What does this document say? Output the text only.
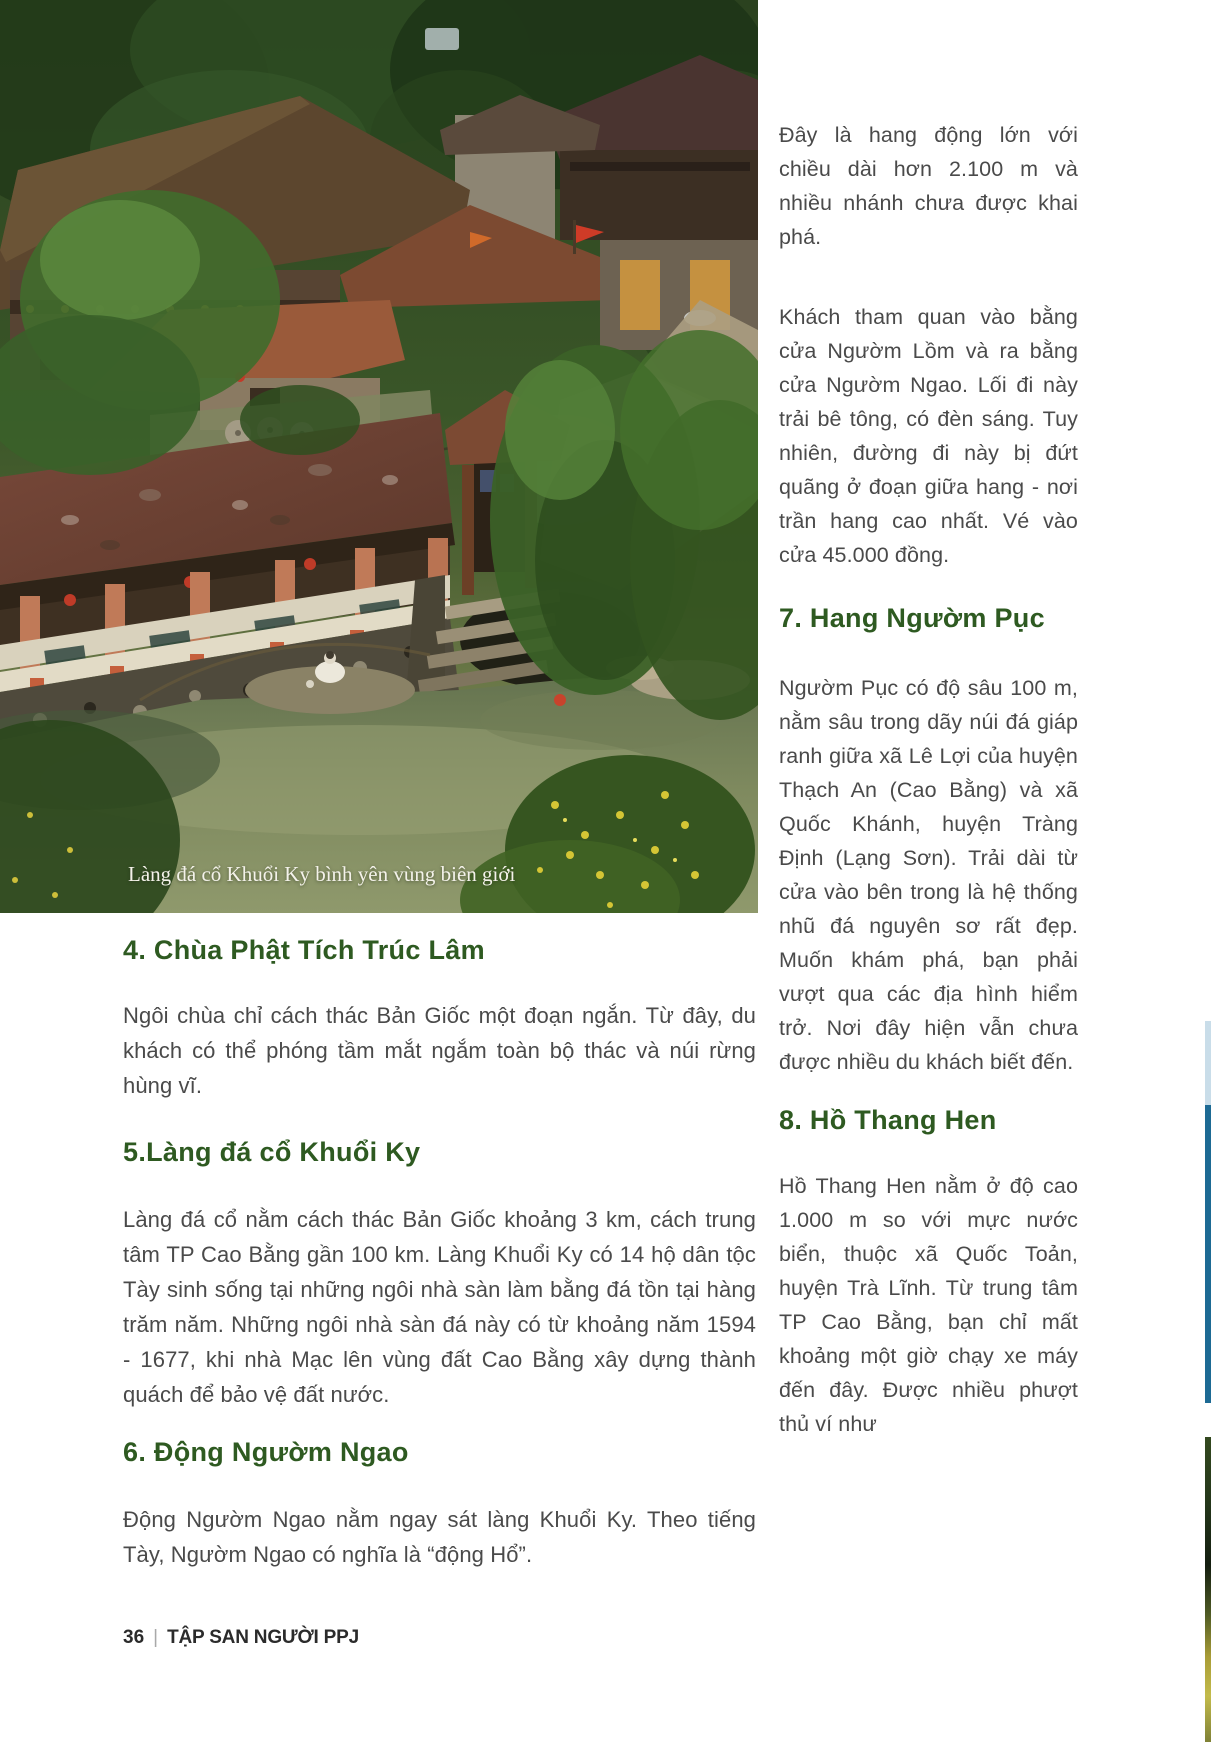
Làng đá cổ Khuổi Ky bình yên vùng biên giới
4. Chùa Phật Tích Trúc Lâm

Ngôi chùa chỉ cách thác Bản Giốc một đoạn ngắn. Từ đây, du khách có thể phóng tầm mắt ngắm toàn bộ thác và núi rừng hùng vĩ.

5.Làng đá cổ Khuổi Ky

Làng đá cổ nằm cách thác Bản Giốc khoảng 3 km, cách trung tâm TP Cao Bằng gần 100 km. Làng Khuổi Ky có 14 hộ dân tộc Tày sinh sống tại những ngôi nhà sàn làm bằng đá tồn tại hàng trăm năm. Những ngôi nhà sàn đá này có từ khoảng năm 1594 - 1677, khi nhà Mạc lên vùng đất Cao Bằng xây dựng thành quách để bảo vệ đất nước.

6. Động Ngườm Ngao

Động Ngườm Ngao nằm ngay sát làng Khuổi Ky. Theo tiếng Tày, Ngườm Ngao có nghĩa là “động Hổ”.

Đây là hang động lớn với chiều dài hơn 2.100 m và nhiều nhánh chưa được khai phá.

Khách tham quan vào bằng cửa Ngườm Lồm và ra bằng cửa Ngườm Ngao. Lối đi này trải bê tông, có đèn sáng. Tuy nhiên, đường đi này bị đứt quãng ở đoạn giữa hang - nơi trần hang cao nhất. Vé vào cửa 45.000 đồng.

7. Hang Ngườm Pục

Ngườm Pục có độ sâu 100 m, nằm sâu trong dãy núi đá giáp ranh giữa xã Lê Lợi của huyện Thạch An (Cao Bằng) và xã Quốc Khánh, huyện Tràng Định (Lạng Sơn). Trải dài từ cửa vào bên trong là hệ thống nhũ đá nguyên sơ rất đẹp. Muốn khám phá, bạn phải vượt qua các địa hình hiểm trở. Nơi đây hiện vẫn chưa được nhiều du khách biết đến.

8. Hồ Thang Hen

Hồ Thang Hen nằm ở độ cao 1.000 m so với mực nước biển, thuộc xã Quốc Toản, huyện Trà Lĩnh. Từ trung tâm TP Cao Bằng, bạn chỉ mất khoảng một giờ chạy xe máy đến đây. Được nhiều phượt thủ ví như

36 | TẬP SAN NGƯỜI PPJ
